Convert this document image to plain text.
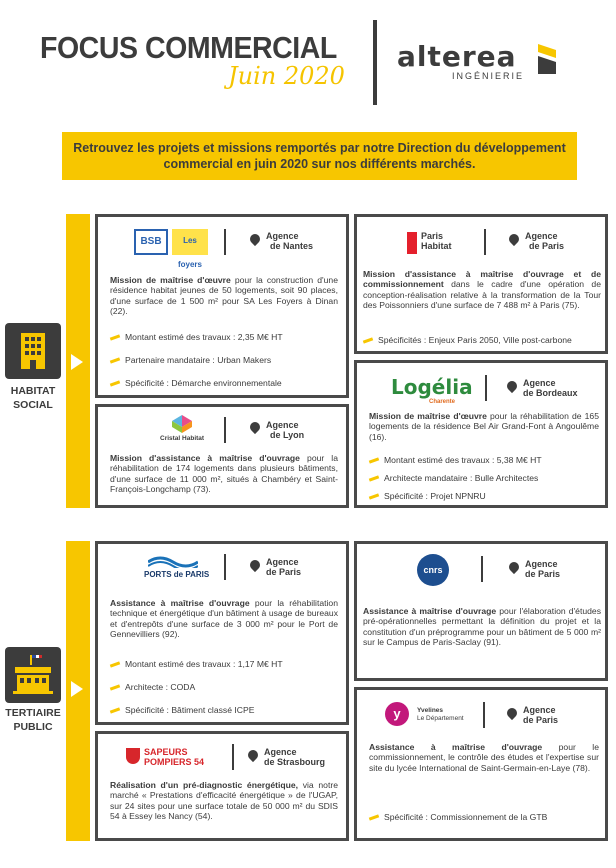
FOCUS COMMERCIAL
Juin 2020
alterea
INGÉNIERIE
Retrouvez les projets et missions remportés par notre Direction du développement
commercial en juin 2020 sur nos différents marchés.
HABITAT
SOCIAL
TERTIAIRE
PUBLIC
BSB	Les foyers
Agence
de Nantes
Mission de maîtrise d'œuvre pour la construction d'une résidence habitat jeunes de 50 logements, soit 90 places, d'une surface de 1 500 m² pour SA Les Foyers à Dinan (22).
Montant estimé des travaux : 2,35 M€ HT
Partenaire mandataire : Urban Makers
Spécificité : Démarche environnementale
Paris
Habitat
Agence
de Paris
Mission d'assistance à maîtrise d'ouvrage et de commissionnement dans le cadre d'une opération de conception-réalisation relative à la transformation de la Tour des Poissonniers d'une surface de 7 488 m² à Paris (75).
Spécificités : Enjeux Paris 2050, Ville post-carbone
Cristal Habitat
Agence
de Lyon
Mission d'assistance à maîtrise d'ouvrage pour la réhabilitation de 174 logements dans plusieurs bâtiments, d'une surface de 11 000 m², situés à Chambéry et Saint-François-Longchamp (73).
Logélia
Charente
Agence
de Bordeaux
Mission de maîtrise d'œuvre pour la réhabilitation de 165 logements de la résidence Bel Air Grand-Font à Angoulême (16).
Montant estimé des travaux : 5,38 M€ HT
Architecte mandataire : Bulle Architectes
Spécificité : Projet NPNRU
PORTS de PARIS
Agence
de Paris
Assistance à maîtrise d'ouvrage pour la réhabilitation technique et énergétique d'un bâtiment à usage de bureaux et d'entrepôts d'une surface de 3 000 m² pour le Port de Gennevilliers (92).
Montant estimé des travaux : 1,17 M€ HT
Architecte : CODA
Spécificité : Bâtiment classé ICPE
cnrs
Agence
de Paris
Assistance à maîtrise d'ouvrage pour l'élaboration d'études pré-opérationnelles permettant la définition du projet et la constitution d'un préprogramme pour un bâtiment de 5 000 m² sur le Campus de Paris-Saclay (91).
SAPEURS
POMPIERS 54
Agence
de Strasbourg
Réalisation d'un pré-diagnostic énergétique, via notre marché « Prestations d'efficacité énergétique » de l'UGAP, sur 24 sites pour une surface totale de 50 000 m² du SDIS 54 à Essey les Nancy (54).
y	Yvelines
Le Département
Agence
de Paris
Assistance à maîtrise d'ouvrage pour le commissionnement, le contrôle des études et l'expertise sur site du lycée International de Saint-Germain-en-Laye (78).
Spécificité : Commissionnement de la GTB
